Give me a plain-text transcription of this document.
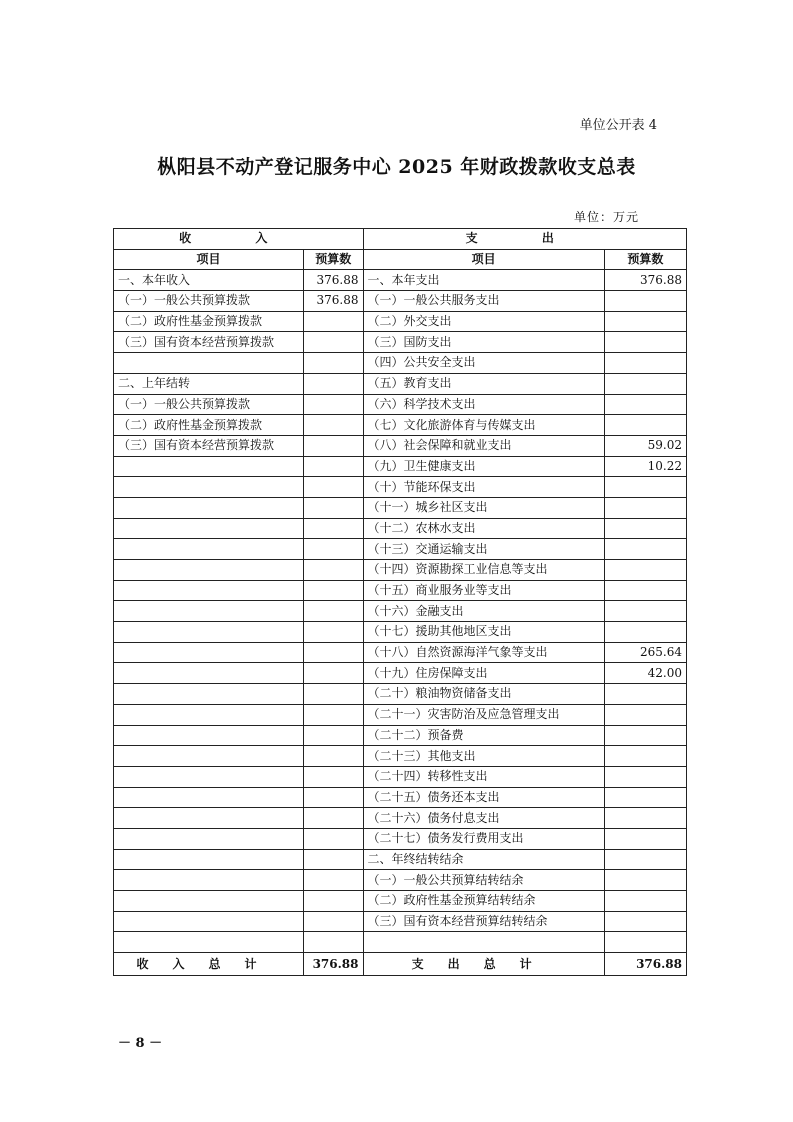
单位公开表 4
枞阳县不动产登记服务中心 2025 年财政拨款收支总表
单位：万元
收 入		支 出	
项目	预算数	项目	预算数
一、本年收入	376.88	一、本年支出	376.88
（一）一般公共预算拨款	376.88	（一）一般公共服务支出	
（二）政府性基金预算拨款		（二）外交支出	
（三）国有资本经营预算拨款		（三）国防支出	
		（四）公共安全支出	
二、上年结转		（五）教育支出	
（一）一般公共预算拨款		（六）科学技术支出	
（二）政府性基金预算拨款		（七）文化旅游体育与传媒支出	
（三）国有资本经营预算拨款		（八）社会保障和就业支出	59.02
		（九）卫生健康支出	10.22
		（十）节能环保支出	
		（十一）城乡社区支出	
		（十二）农林水支出	
		（十三）交通运输支出	
		（十四）资源勘探工业信息等支出	
		（十五）商业服务业等支出	
		（十六）金融支出	
		（十七）援助其他地区支出	
		（十八）自然资源海洋气象等支出	265.64
		（十九）住房保障支出	42.00
		（二十）粮油物资储备支出	
		（二十一）灾害防治及应急管理支出	
		（二十二）预备费	
		（二十三）其他支出	
		（二十四）转移性支出	
		（二十五）债务还本支出	
		（二十六）债务付息支出	
		（二十七）债务发行费用支出	
		二、年终结转结余	
		（一）一般公共预算结转结余	
		（二）政府性基金预算结转结余	
		（三）国有资本经营预算结转结余	

收入总计	376.88	支出总计	376.88
－ 8 －
